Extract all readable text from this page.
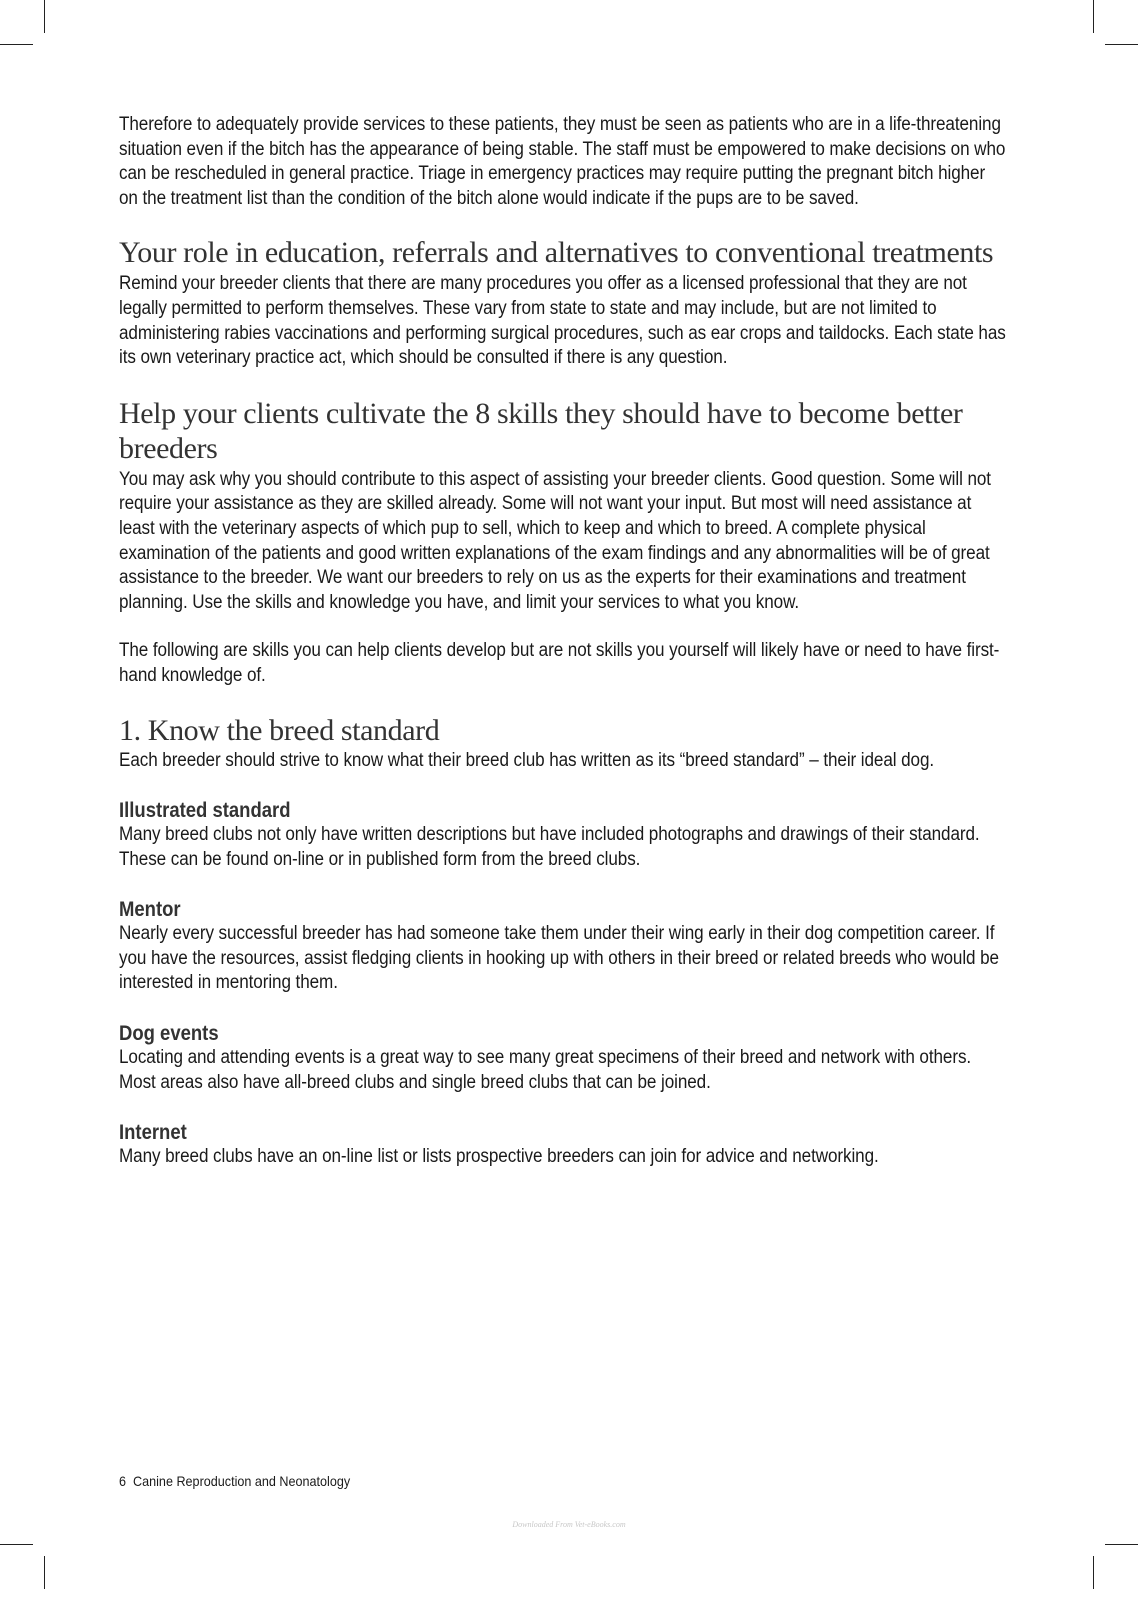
Therefore to adequately provide services to these patients, they must be seen as patients who are in a life-threatening situation even if the bitch has the appearance of being stable. The staff must be empowered to make decisions on who can be rescheduled in general practice. Triage in emergency practices may require putting the pregnant bitch higher on the treatment list than the condition of the bitch alone would indicate if the pups are to be saved.

Your role in education, referrals and alternatives to conventional treatments

Remind your breeder clients that there are many procedures you offer as a licensed professional that they are not legally permitted to perform themselves. These vary from state to state and may include, but are not limited to administering rabies vaccinations and performing surgical procedures, such as ear crops and taildocks. Each state has its own veterinary practice act, which should be consulted if there is any question.

Help your clients cultivate the 8 skills they should have to become better breeders

You may ask why you should contribute to this aspect of assisting your breeder clients. Good question. Some will not require your assistance as they are skilled already. Some will not want your input. But most will need assistance at least with the veterinary aspects of which pup to sell, which to keep and which to breed. A complete physical examination of the patients and good written explanations of the exam findings and any abnormalities will be of great assistance to the breeder. We want our breeders to rely on us as the experts for their examinations and treatment planning. Use the skills and knowledge you have, and limit your services to what you know.

The following are skills you can help clients develop but are not skills you yourself will likely have or need to have first-hand knowledge of.

1. Know the breed standard

Each breeder should strive to know what their breed club has written as its “breed standard” – their ideal dog.

Illustrated standard

Many breed clubs not only have written descriptions but have included photographs and drawings of their standard. These can be found on-line or in published form from the breed clubs.

Mentor

Nearly every successful breeder has had someone take them under their wing early in their dog competition career. If you have the resources, assist fledging clients in hooking up with others in their breed or related breeds who would be interested in mentoring them.

Dog events

Locating and attending events is a great way to see many great specimens of their breed and network with others. Most areas also have all-breed clubs and single breed clubs that can be joined.

Internet

Many breed clubs have an on-line list or lists prospective breeders can join for advice and networking.

6 Canine Reproduction and Neonatology
Downloaded From Vet-eBooks.com
